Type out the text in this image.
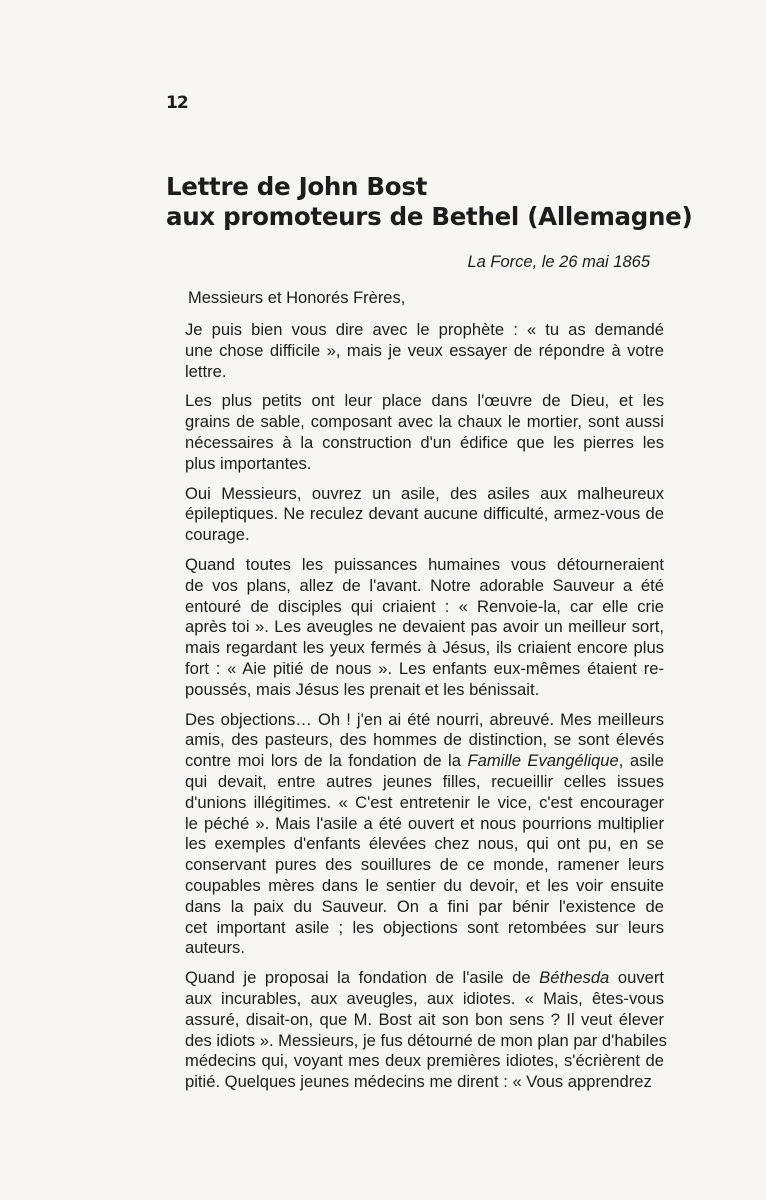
12
Lettre de John Bost
aux promoteurs de Bethel (Allemagne)
La Force, le 26 mai 1865
Messieurs et Honorés Frères,
Je puis bien vous dire avec le prophète : « tu as demandé
une chose difficile », mais je veux essayer de répondre à votre
lettre.
Les plus petits ont leur place dans l'œuvre de Dieu, et les
grains de sable, composant avec la chaux le mortier, sont aussi
nécessaires à la construction d'un édifice que les pierres les
plus importantes.
Oui Messieurs, ouvrez un asile, des asiles aux malheureux
épileptiques. Ne reculez devant aucune difficulté, armez-vous de
courage.
Quand toutes les puissances humaines vous détourneraient
de vos plans, allez de l'avant. Notre adorable Sauveur a été
entouré de disciples qui criaient : « Renvoie-la, car elle crie
après toi ». Les aveugles ne devaient pas avoir un meilleur sort,
mais regardant les yeux fermés à Jésus, ils criaient encore plus
fort : « Aie pitié de nous ». Les enfants eux-mêmes étaient re-
poussés, mais Jésus les prenait et les bénissait.
Des objections… Oh ! j'en ai été nourri, abreuvé. Mes meilleurs
amis, des pasteurs, des hommes de distinction, se sont élevés
contre moi lors de la fondation de la Famille Evangélique, asile
qui devait, entre autres jeunes filles, recueillir celles issues
d'unions illégitimes. « C'est entretenir le vice, c'est encourager
le péché ». Mais l'asile a été ouvert et nous pourrions multiplier
les exemples d'enfants élevées chez nous, qui ont pu, en se
conservant pures des souillures de ce monde, ramener leurs
coupables mères dans le sentier du devoir, et les voir ensuite
dans la paix du Sauveur. On a fini par bénir l'existence de
cet important asile ; les objections sont retombées sur leurs
auteurs.
Quand je proposai la fondation de l'asile de Béthesda ouvert
aux incurables, aux aveugles, aux idiotes. « Mais, êtes-vous
assuré, disait-on, que M. Bost ait son bon sens ? Il veut élever
des idiots ». Messieurs, je fus détourné de mon plan par d'habiles
médecins qui, voyant mes deux premières idiotes, s'écrièrent de
pitié. Quelques jeunes médecins me dirent : « Vous apprendrez
